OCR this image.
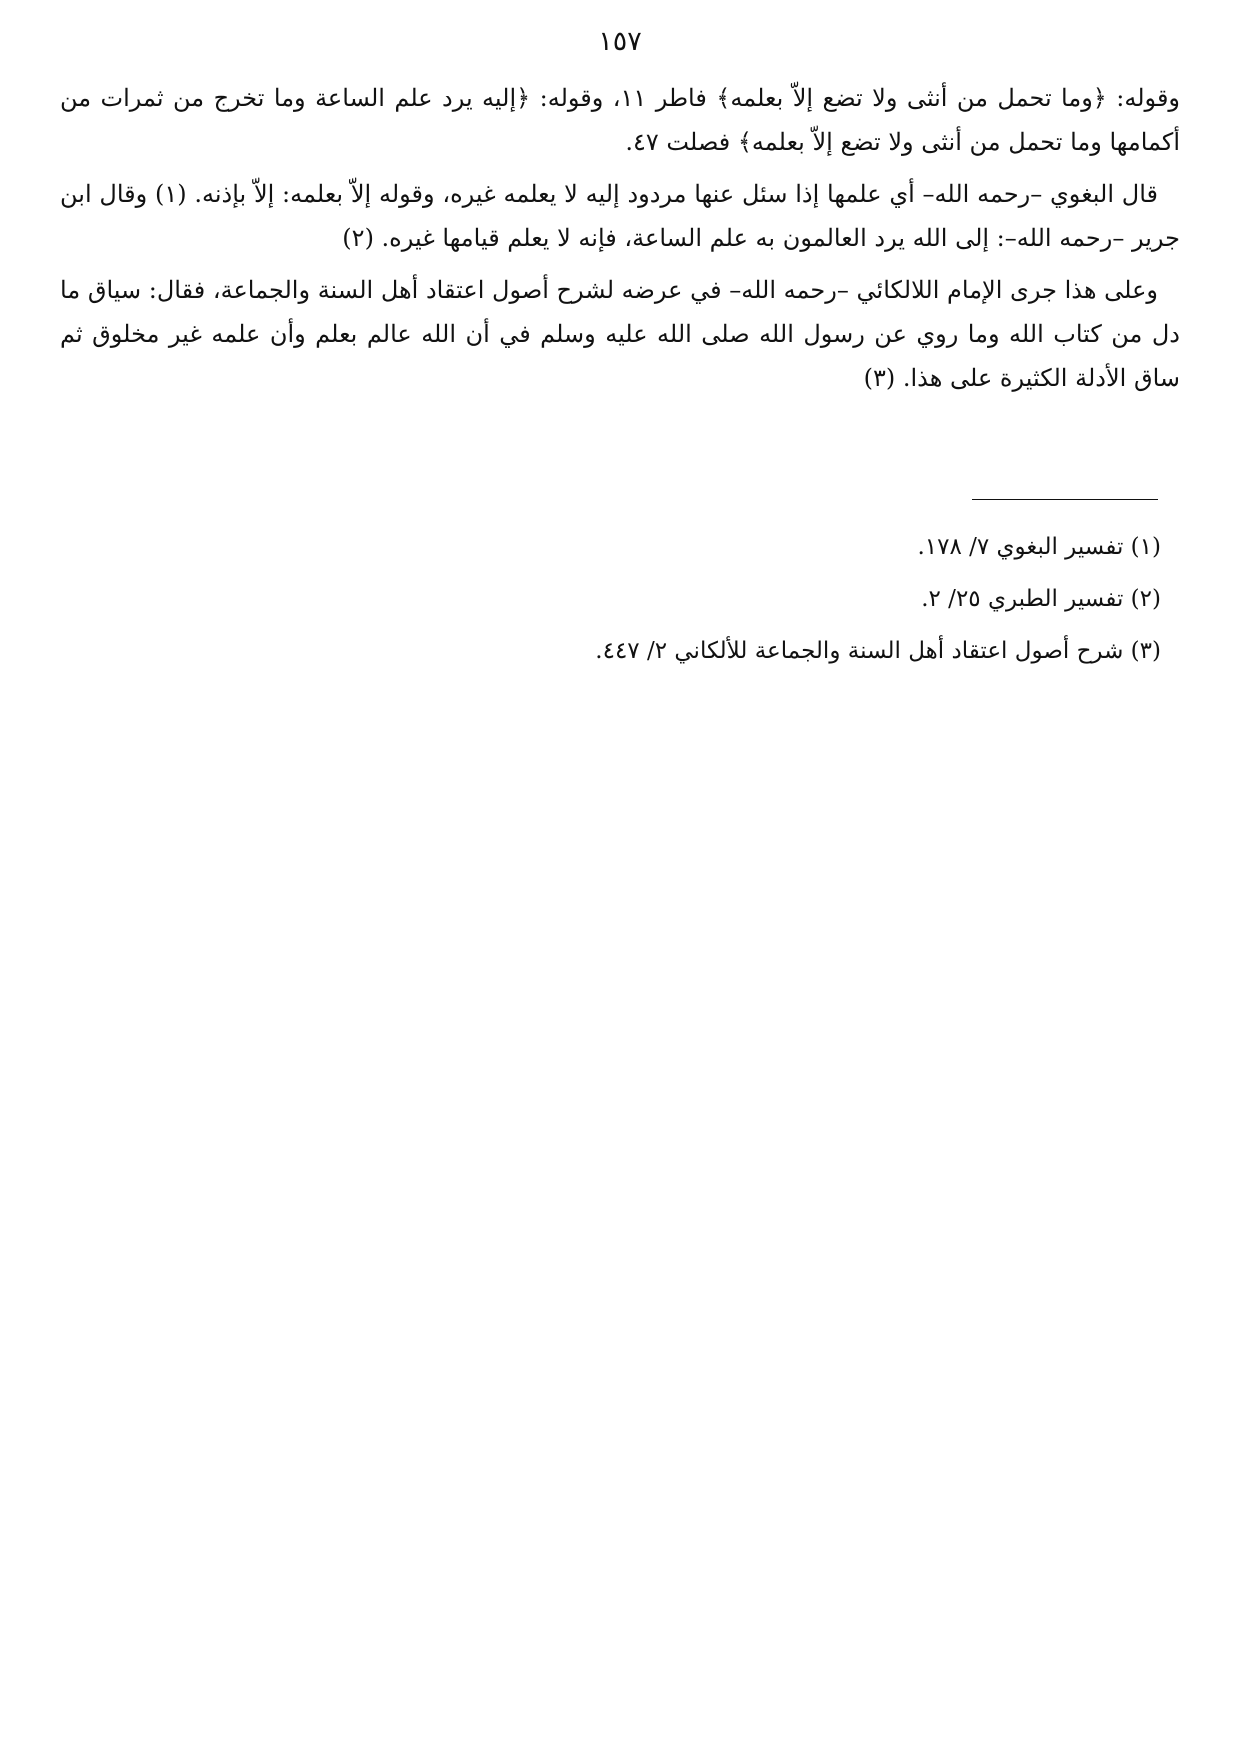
١٥٧

وقوله: ﴿وما تحمل من أنثى ولا تضع إلاّ بعلمه﴾ فاطر ١١، وقوله: ﴿إليه يرد علم الساعة وما تخرج من ثمرات من أكمامها وما تحمل من أنثى ولا تضع إلاّ بعلمه﴾ فصلت ٤٧.

قال البغوي –رحمه الله– أي علمها إذا سئل عنها مردود إليه لا يعلمه غيره، وقوله إلاّ بعلمه: إلاّ بإذنه. (١) وقال ابن جرير –رحمه الله–: إلى الله يرد العالمون به علم الساعة، فإنه لا يعلم قيامها غيره. (٢)

وعلى هذا جرى الإمام اللالكائي –رحمه الله– في عرضه لشرح أصول اعتقاد أهل السنة والجماعة، فقال: سياق ما دل من كتاب الله وما روي عن رسول الله صلى الله عليه وسلم في أن الله عالم بعلم وأن علمه غير مخلوق ثم ساق الأدلة الكثيرة على هذا. (٣)

(١) تفسير البغوي ٧/ ١٧٨.

(٢) تفسير الطبري ٢٥/ ٢.

(٣) شرح أصول اعتقاد أهل السنة والجماعة للألكاني ٢/ ٤٤٧.
